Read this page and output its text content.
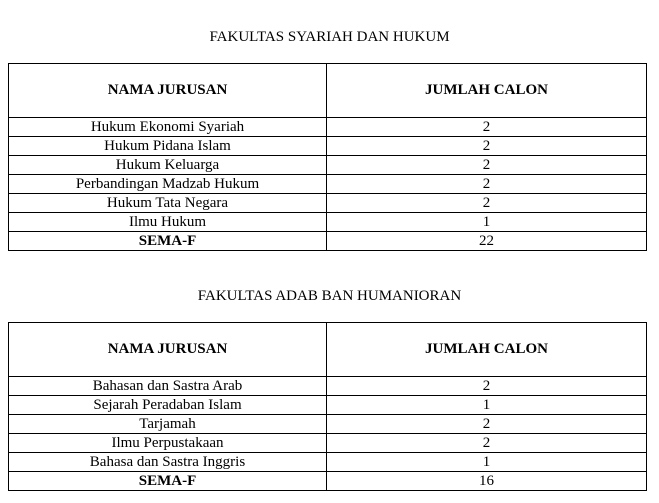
FAKULTAS SYARIAH DAN HUKUM
NAMA JURUSAN	JUMLAH CALON
Hukum Ekonomi Syariah	2
Hukum Pidana Islam	2
Hukum Keluarga	2
Perbandingan Madzab Hukum	2
Hukum Tata Negara	2
Ilmu Hukum	1
SEMA-F	22
FAKULTAS ADAB BAN HUMANIORAN
NAMA JURUSAN	JUMLAH CALON
Bahasan dan Sastra Arab	2
Sejarah Peradaban Islam	1
Tarjamah	2
Ilmu Perpustakaan	2
Bahasa dan Sastra Inggris	1
SEMA-F	16
